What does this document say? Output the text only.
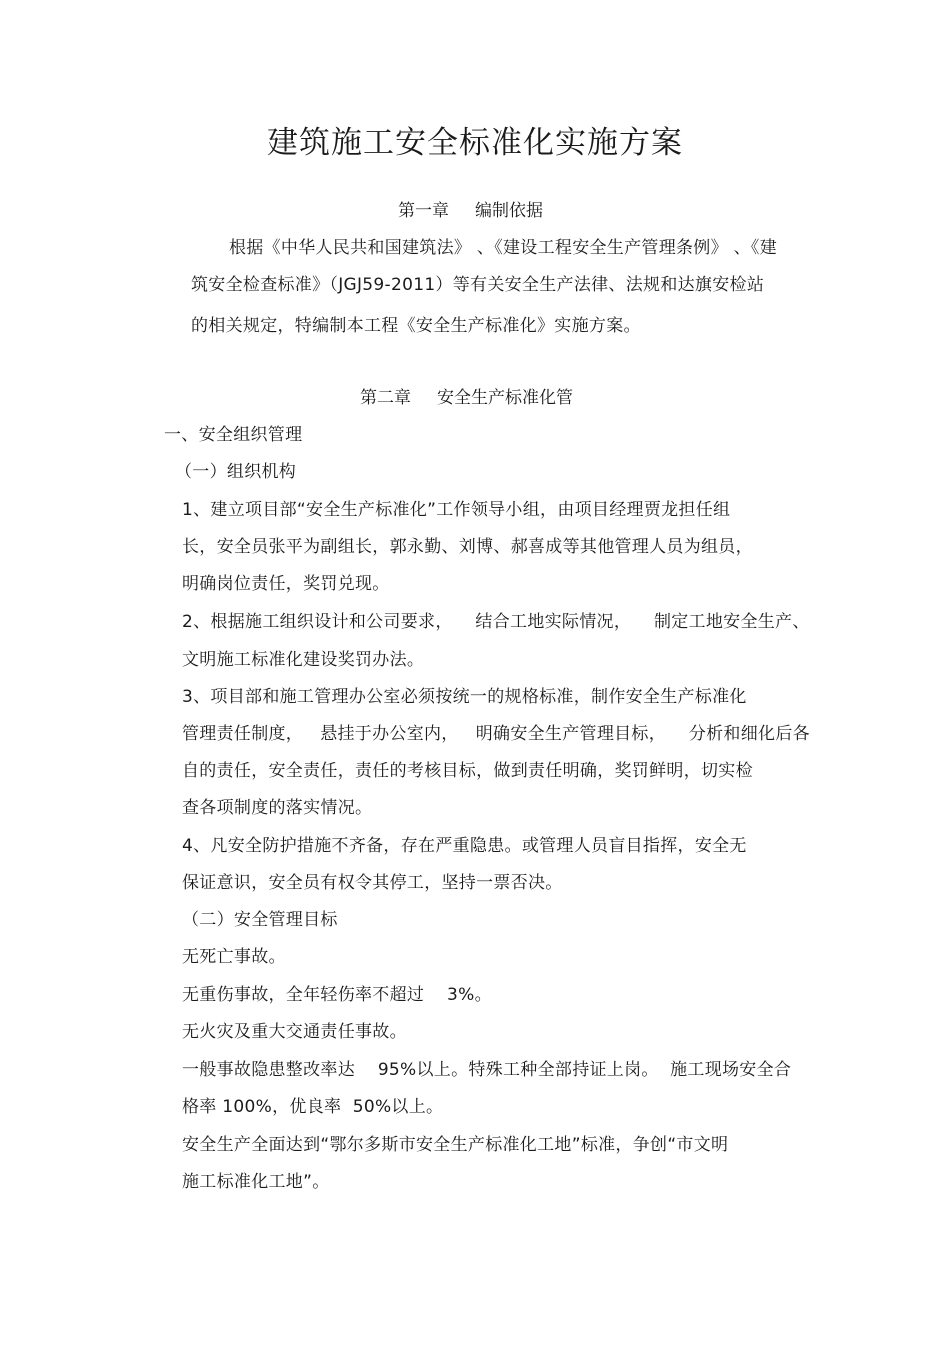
建筑施工安全标准化实施方案
第一章 编制依据
根据《中华人民共和国建筑法》 、《建设工程安全生产管理条例》 、《建
筑安全检查标准》（JGJ59-2011）等有关安全生产法律、法规和达旗安检站
的相关规定，特编制本工程《安全生产标准化》实施方案。
第二章 安全生产标准化管
一、安全组织管理
（一）组织机构
1、建立项目部“安全生产标准化”工作领导小组，由项目经理贾龙担任组
长，安全员张平为副组长，郭永勤、刘博、郝喜成等其他管理人员为组员，
明确岗位责任，奖罚兑现。
2、根据施工组织设计和公司要求，    结合工地实际情况，    制定工地安全生产、
文明施工标准化建设奖罚办法。
3、项目部和施工管理办公室必须按统一的规格标准，制作安全生产标准化
管理责任制度，   悬挂于办公室内，   明确安全生产管理目标，    分析和细化后各
自的责任，安全责任，责任的考核目标，做到责任明确，奖罚鲜明，切实检
查各项制度的落实情况。
4、凡安全防护措施不齐备，存在严重隐患。或管理人员盲目指挥，安全无
保证意识，安全员有权令其停工，坚持一票否决。
（二）安全管理目标
无死亡事故。
无重伤事故，全年轻伤率不超过    3%。
无火灾及重大交通责任事故。
一般事故隐患整改率达    95%以上。特殊工种全部持证上岗。  施工现场安全合
格率 100%，优良率  50%以上。
安全生产全面达到“鄂尔多斯市安全生产标准化工地”标准，争创“市文明
施工标准化工地”。
